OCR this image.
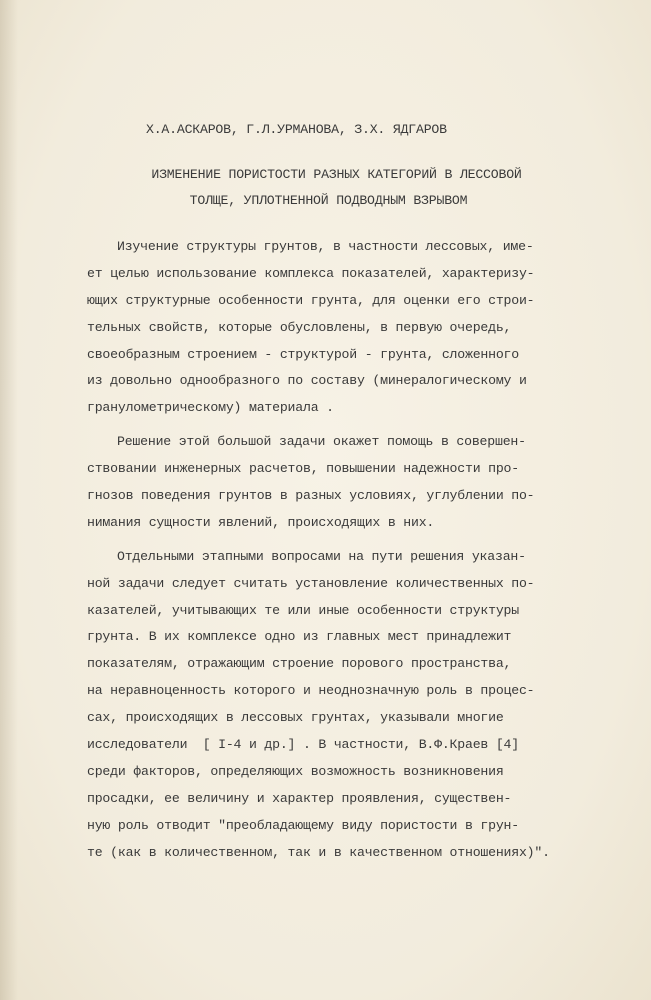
Х.А.АСКАРОВ, Г.Л.УРМАНОВА, З.Х. ЯДГАРОВ
ИЗМЕНЕНИЕ ПОРИСТОСТИ РАЗНЫХ КАТЕГОРИЙ В ЛЕССОВОЙ
ТОЛЩЕ, УПЛОТНЕННОЙ ПОДВОДНЫМ ВЗРЫВОМ
Изучение структуры грунтов, в частности лессовых, име-
ет целью использование комплекса показателей, характеризу-
ющих структурные особенности грунта, для оценки его строи-
тельных свойств, которые обусловлены, в первую очередь,
своеобразным строением - структурой - грунта, сложенного
из довольно однообразного по составу (минералогическому и
гранулометрическому) материала .
Решение этой большой задачи окажет помощь в совершен-
ствовании инженерных расчетов, повышении надежности про-
гнозов поведения грунтов в разных условиях, углублении по-
нимания сущности явлений, происходящих в них.
Отдельными этапными вопросами на пути решения указан-
ной задачи следует считать установление количественных по-
казателей, учитывающих те или иные особенности структуры
грунта. В их комплексе одно из главных мест принадлежит
показателям, отражающим строение порового пространства,
на неравноценность которого и неоднозначную роль в процес-
сах, происходящих в лессовых грунтах, указывали многие
исследователи  [ I-4 и др.] . В частности, В.Ф.Краев [4]
среди факторов, определяющих возможность возникновения
просадки, ее величину и характер проявления, существен-
ную роль отводит "преобладающему виду пористости в грун-
те (как в количественном, так и в качественном отношениях)".
